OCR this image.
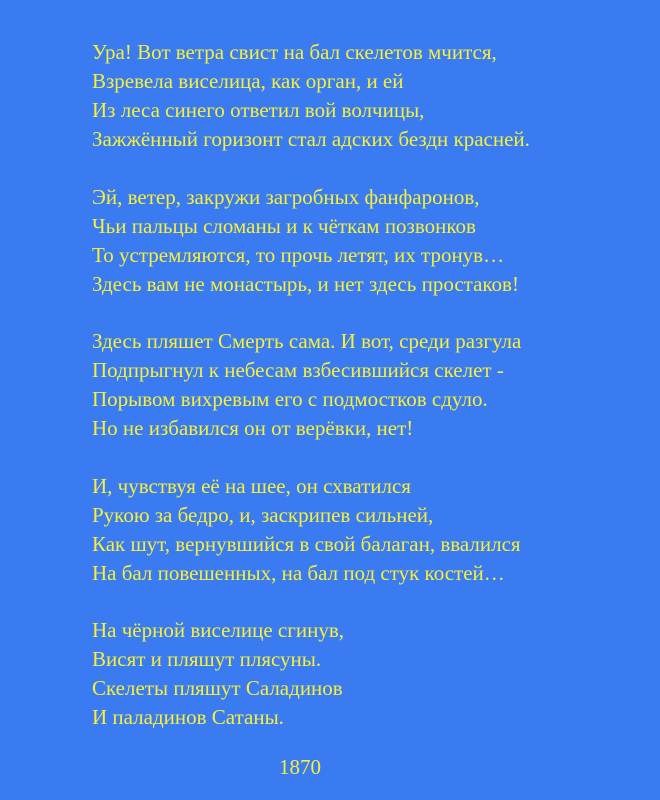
Ура! Вот ветра свист на бал скелетов мчится,

Взревела виселица, как орган, и ей

Из леса синего ответил вой волчицы,

Зажжённый горизонт стал адских бездн красней.

Эй, ветер, закружи загробных фанфаронов,

Чьи пальцы сломаны и к чёткам позвонков

То устремляются, то прочь летят, их тронув…

Здесь вам не монастырь, и нет здесь простаков!

Здесь пляшет Смерть сама. И вот, среди разгула

Подпрыгнул к небесам взбесившийся скелет -

Порывом вихревым его с подмостков сдуло.

Но не избавился он от верёвки, нет!

И, чувствуя её на шее, он схватился

Рукою за бедро, и, заскрипев сильней,

Как шут, вернувшийся в свой балаган, ввалился

На бал повешенных, на бал под стук костей…

На чёрной виселице сгинув,

Висят и пляшут плясуны.

Скелеты пляшут Саладинов

И паладинов Сатаны.

1870
